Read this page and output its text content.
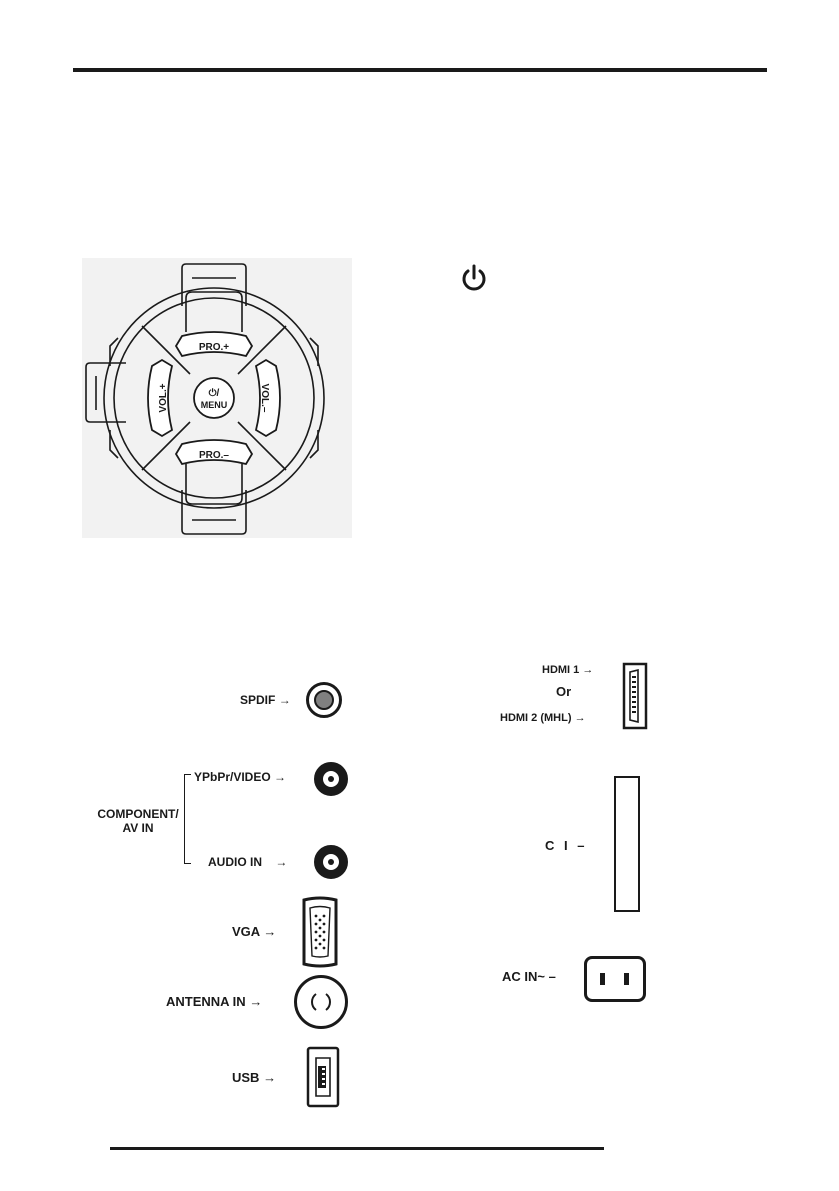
PRO.+
PRO.–
VOL.+	VOL.–
⏻/
MENU
SPDIF →
COMPONENT/
AV IN
YPbPr/VIDEO →
AUDIO IN →
VGA →
ANTENNA IN →
USB →
HDMI 1 →
Or
HDMI 2 (MHL) →
C I –
AC IN~ –
